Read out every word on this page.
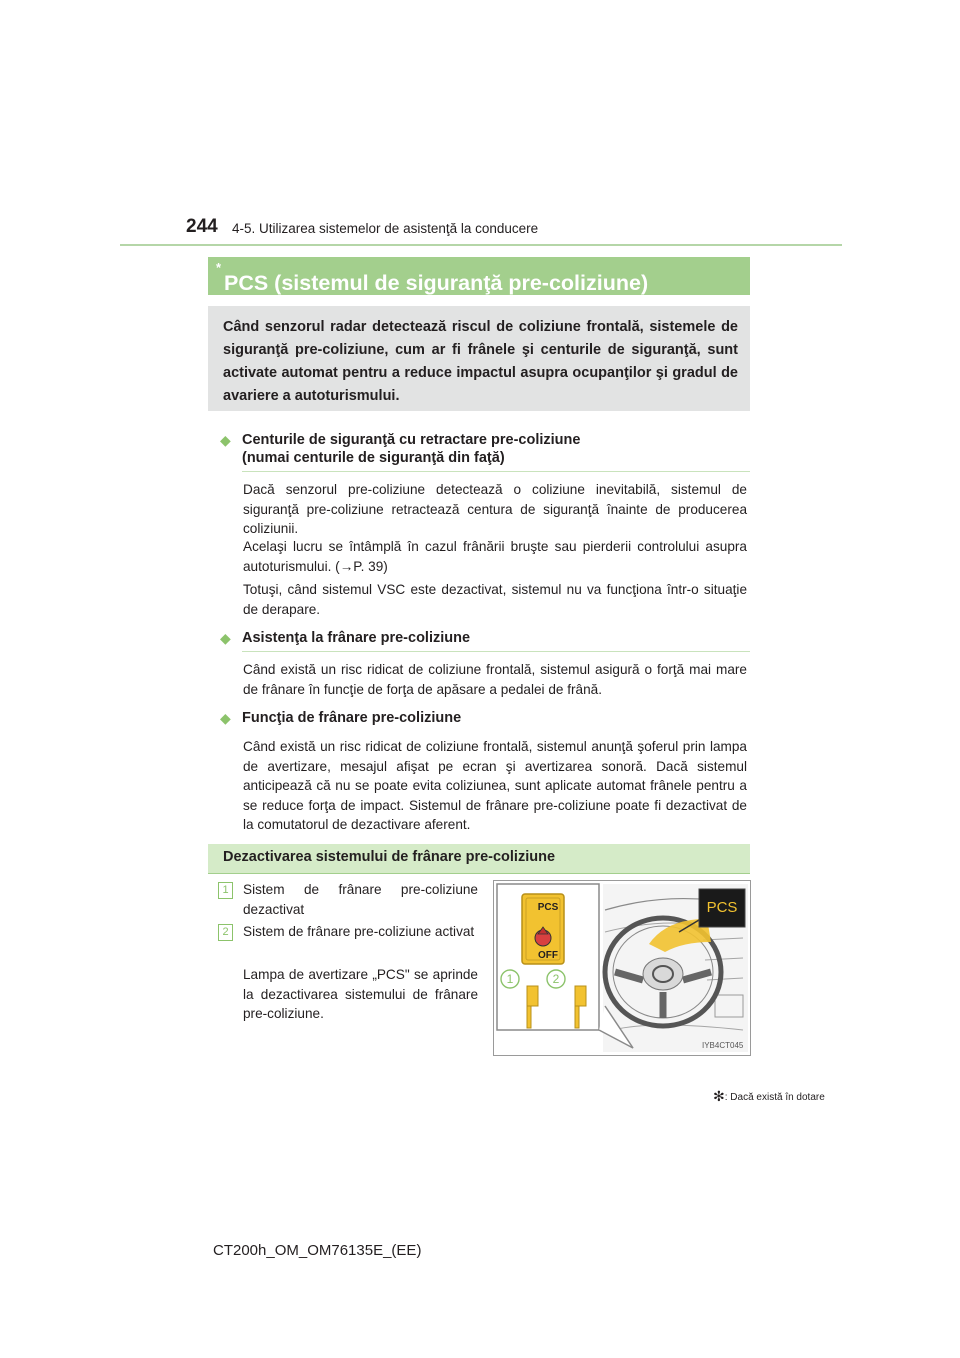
244 4-5. Utilizarea sistemelor de asistenţă la conducere
PCS (sistemul de siguranţă pre-coliziune)
*
Când senzorul radar detectează riscul de coliziune frontală, sistemele de siguranţă pre-coliziune, cum ar fi frânele şi centurile de siguranţă, sunt activate automat pentru a reduce impactul asupra ocupanţilor şi gradul de avariere a autoturismului.
◆ Centurile de siguranţă cu retractare pre-coliziune
(numai centurile de siguranţă din faţă)

Dacă senzorul pre-coliziune detectează o coliziune inevitabilă, sistemul de siguranţă pre-coliziune retractează centura de siguranţă înainte de producerea coliziunii.

Acelaşi lucru se întâmplă în cazul frânării bruşte sau pierderii controlului asupra autoturismului. (→P. 39)

Totuşi, când sistemul VSC este dezactivat, sistemul nu va funcţiona într-o situaţie de derapare.

◆ Asistenţa la frânare pre-coliziune

Când există un risc ridicat de coliziune frontală, sistemul asigură o forţă mai mare de frânare în funcţie de forţa de apăsare a pedalei de frână.

◆ Funcţia de frânare pre-coliziune

Când există un risc ridicat de coliziune frontală, sistemul anunţă şoferul prin lampa de avertizare, mesajul afişat pe ecran şi avertizarea sonoră. Dacă sistemul anticipează că nu se poate evita coliziunea, sunt aplicate automat frânele pentru a se reduce forţa de impact. Sistemul de frânare pre-coliziune poate fi dezactivat de la comutatorul de dezactivare aferent.

Dezactivarea sistemului de frânare pre-coliziune
1	Sistem de frânare pre-coliziune dezactivat
2	Sistem de frânare pre-coliziune activat
Lampa de avertizare „PCS" se aprinde la dezactivarea sistemului de frânare pre-coliziune.
PCS
OFF
PCS
1	2
IYB4CT045
✻: Dacă există în dotare
CT200h_OM_OM76135E_(EE)
